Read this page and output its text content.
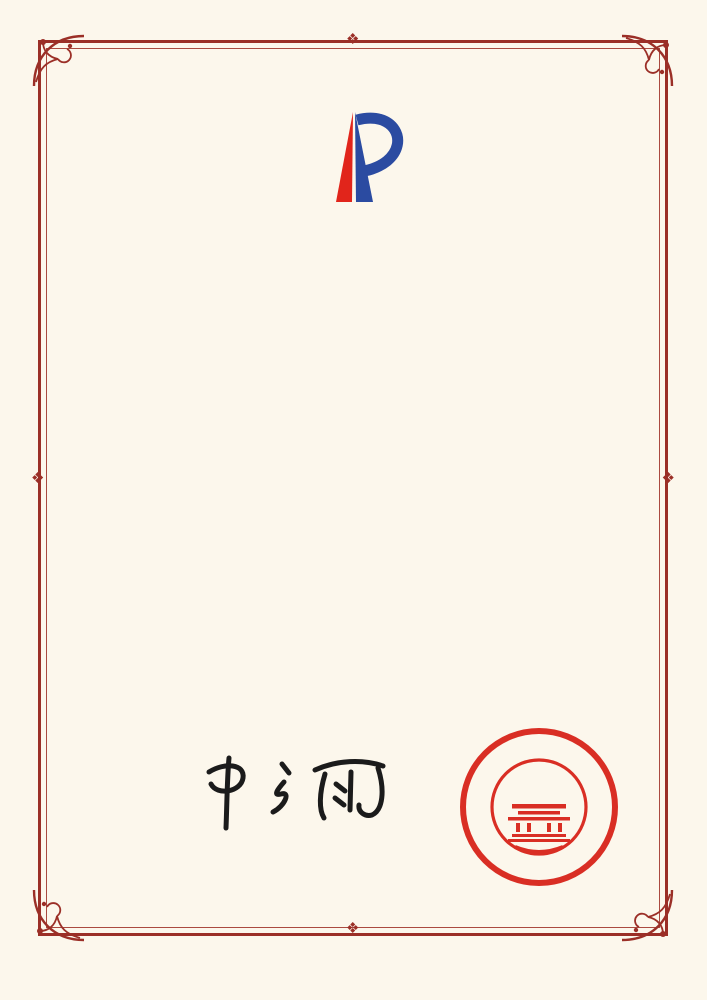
❖
❖
❖	❖
